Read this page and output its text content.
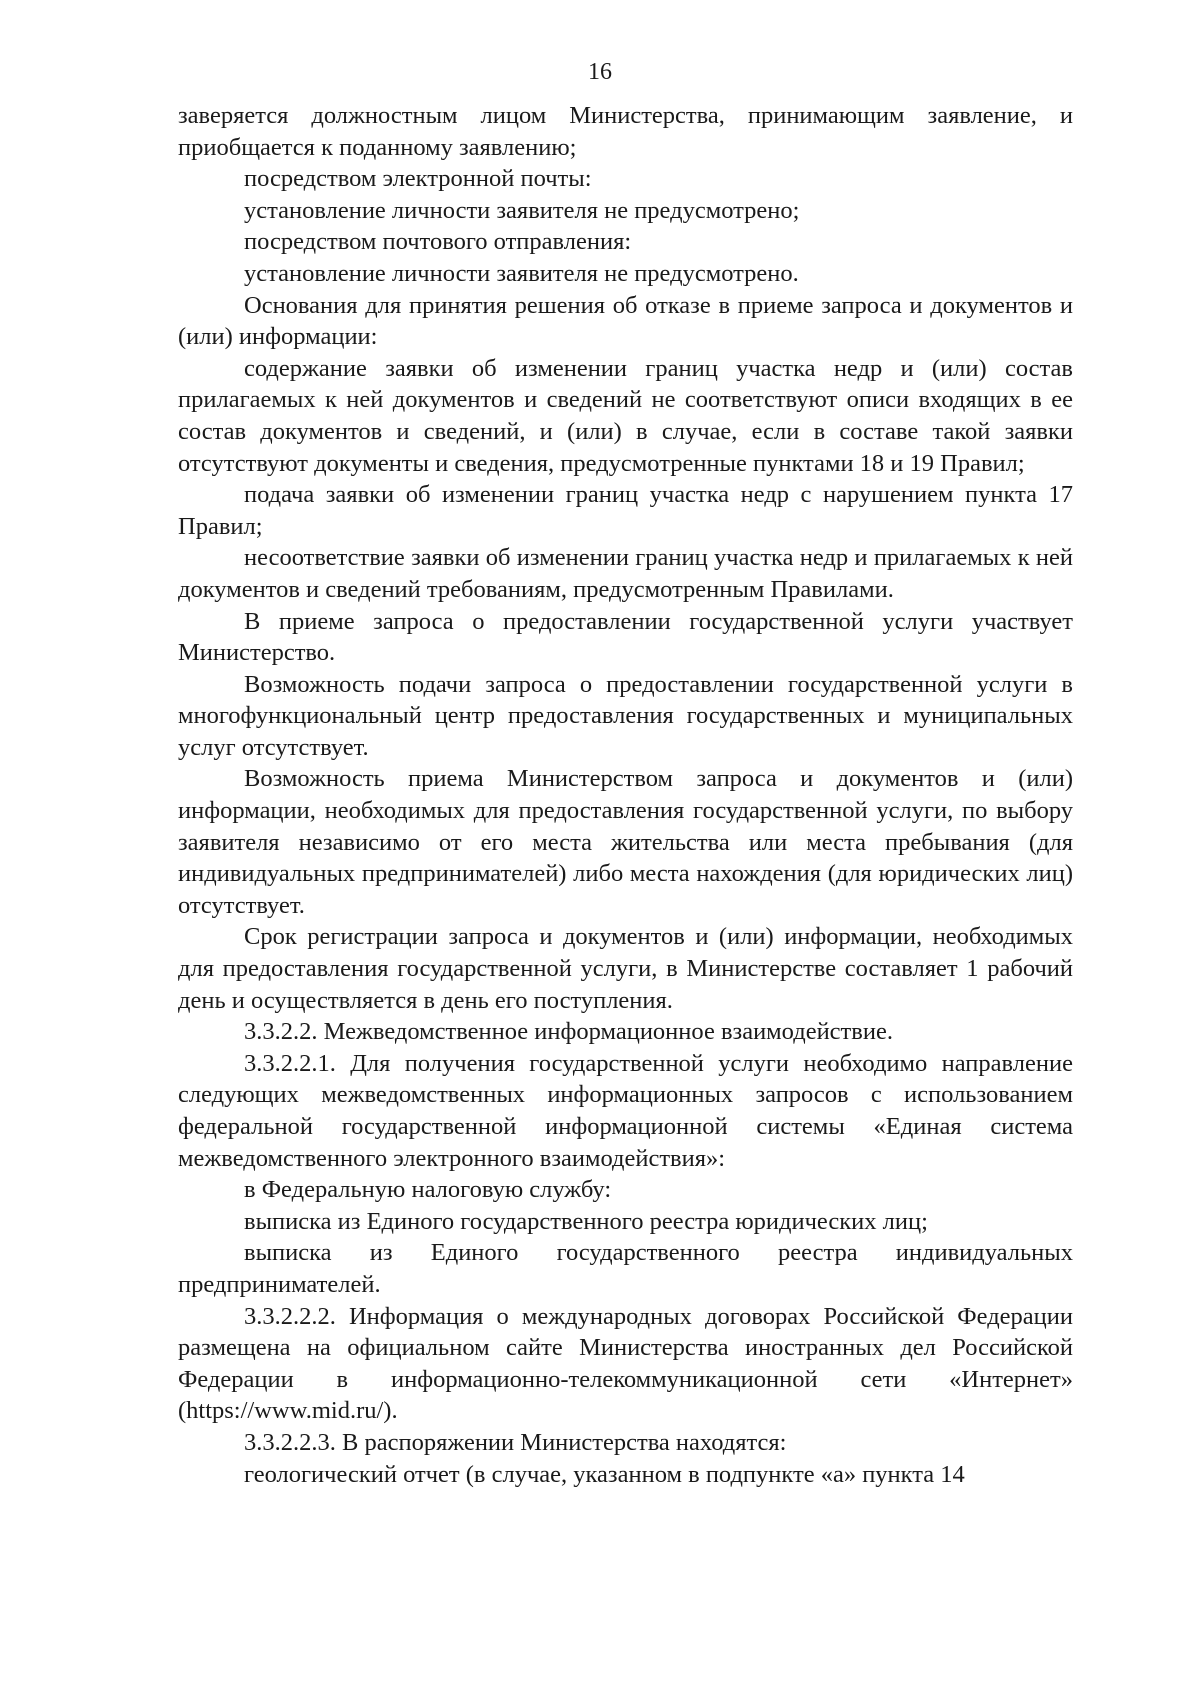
16

заверяется должностным лицом Министерства, принимающим заявление, и приобщается к поданному заявлению;

посредством электронной почты:

установление личности заявителя не предусмотрено;

посредством почтового отправления:

установление личности заявителя не предусмотрено.

Основания для принятия решения об отказе в приеме запроса и документов и (или) информации:

содержание заявки об изменении границ участка недр и (или) состав прилагаемых к ней документов и сведений не соответствуют описи входящих в ее состав документов и сведений, и (или) в случае, если в составе такой заявки отсутствуют документы и сведения, предусмотренные пунктами 18 и 19 Правил;

подача заявки об изменении границ участка недр с нарушением пункта 17 Правил;

несоответствие заявки об изменении границ участка недр и прилагаемых к ней документов и сведений требованиям, предусмотренным Правилами.

В приеме запроса о предоставлении государственной услуги участвует Министерство.

Возможность подачи запроса о предоставлении государственной услуги в многофункциональный центр предоставления государственных и муниципальных услуг отсутствует.

Возможность приема Министерством запроса и документов и (или) информации, необходимых для предоставления государственной услуги, по выбору заявителя независимо от его места жительства или места пребывания (для индивидуальных предпринимателей) либо места нахождения (для юридических лиц) отсутствует.

Срок регистрации запроса и документов и (или) информации, необходимых для предоставления государственной услуги, в Министерстве составляет 1 рабочий день и осуществляется в день его поступления.

3.3.2.2. Межведомственное информационное взаимодействие.

3.3.2.2.1. Для получения государственной услуги необходимо направление следующих межведомственных информационных запросов с использованием федеральной государственной информационной системы «Единая система межведомственного электронного взаимодействия»:

в Федеральную налоговую службу:

выписка из Единого государственного реестра юридических лиц;

выписка из Единого государственного реестра индивидуальных предпринимателей.

3.3.2.2.2. Информация о международных договорах Российской Федерации размещена на официальном сайте Министерства иностранных дел Российской Федерации в информационно-телекоммуникационной сети «Интернет» (https://www.mid.ru/).

3.3.2.2.3. В распоряжении Министерства находятся:

геологический отчет (в случае, указанном в подпункте «а» пункта 14
